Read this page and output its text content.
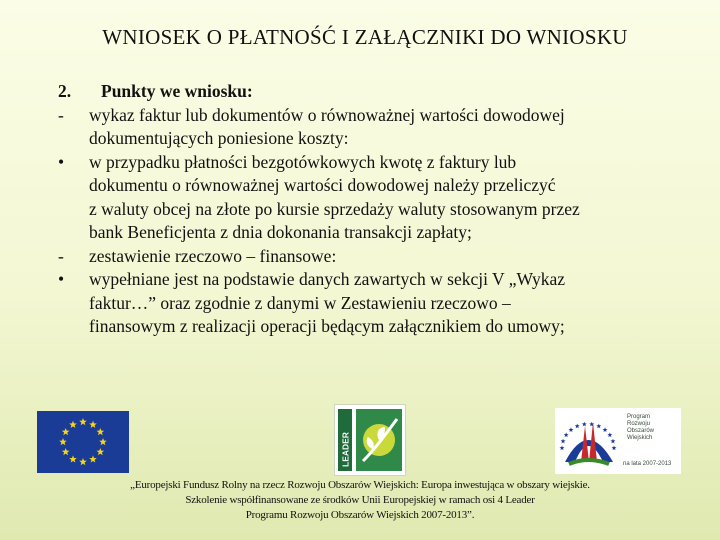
WNIOSEK O PŁATNOŚĆ I ZAŁĄCZNIKI DO WNIOSKU
2.	Punkty we wniosku:
-	wykaz faktur lub dokumentów o równoważnej wartości dowodowej
dokumentujących poniesione koszty:
•	w przypadku płatności bezgotówkowych kwotę z faktury lub
dokumentu o równoważnej wartości dowodowej należy przeliczyć
z waluty obcej na złote po kursie sprzedaży waluty stosowanym przez
bank Beneficjenta z dnia dokonania transakcji zapłaty;
-	zestawienie rzeczowo – finansowe:
•	wypełniane jest na podstawie danych zawartych w sekcji V „Wykaz
faktur…” oraz zgodnie z danymi w Zestawieniu rzeczowo –
finansowym z realizacji operacji będącym załącznikiem do umowy;
LEADER
Program
Rozwoju
Obszarów
Wiejskich
na lata 2007-2013
„Europejski Fundusz Rolny na rzecz Rozwoju Obszarów Wiejskich: Europa inwestująca w obszary wiejskie.
Szkolenie współfinansowane ze środków Unii Europejskiej w ramach osi 4 Leader
Programu Rozwoju Obszarów Wiejskich 2007-2013”.
